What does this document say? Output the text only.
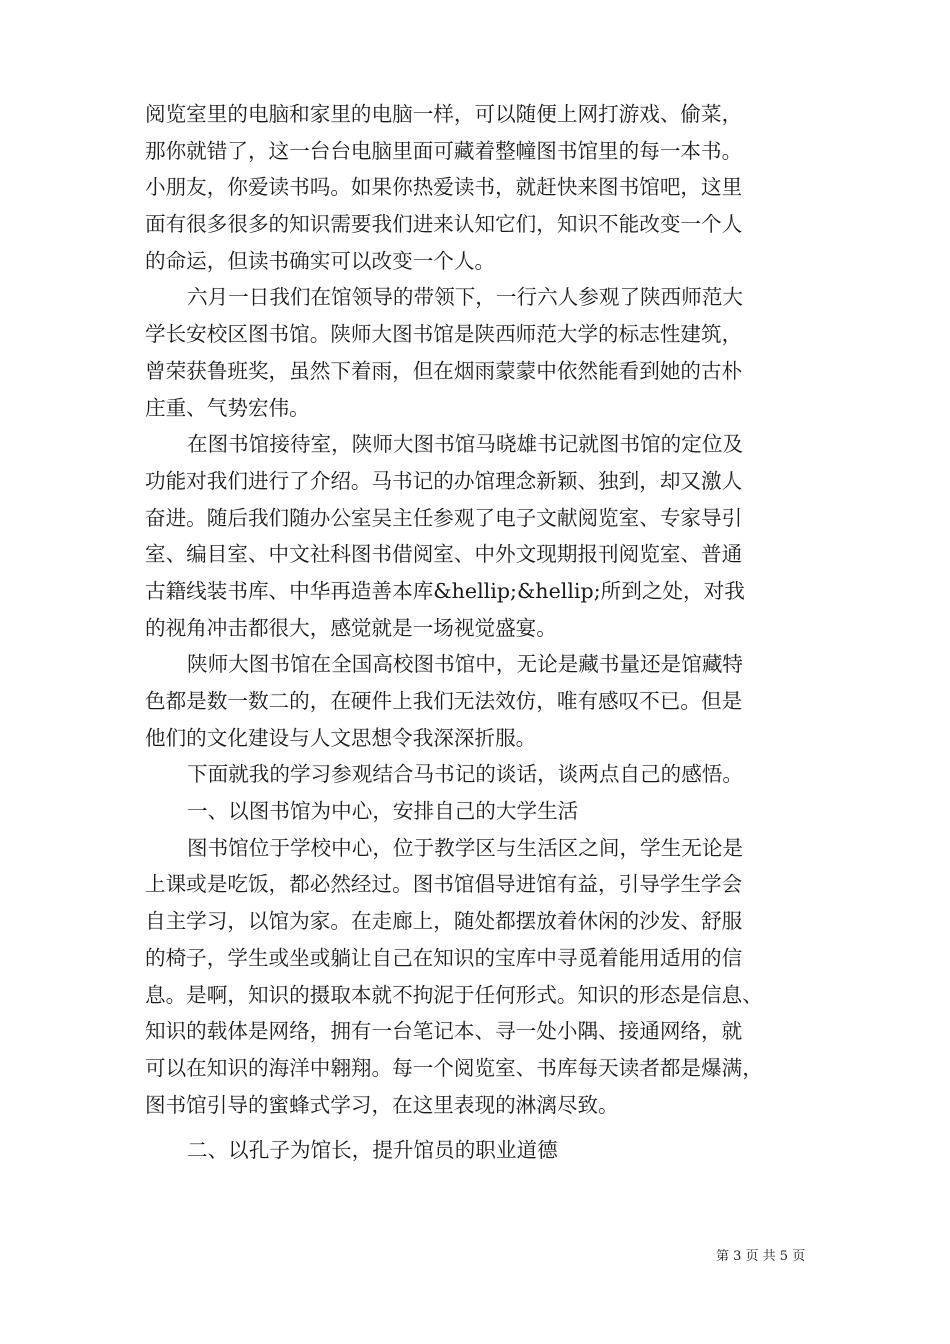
阅览室里的电脑和家里的电脑一样，可以随便上网打游戏、偷菜，
那你就错了，这一台台电脑里面可藏着整幢图书馆里的每一本书。
小朋友，你爱读书吗。如果你热爱读书，就赶快来图书馆吧，这里
面有很多很多的知识需要我们进来认知它们，知识不能改变一个人
的命运，但读书确实可以改变一个人。
六月一日我们在馆领导的带领下，一行六人参观了陕西师范大
学长安校区图书馆。陕师大图书馆是陕西师范大学的标志性建筑，
曾荣获鲁班奖，虽然下着雨，但在烟雨蒙蒙中依然能看到她的古朴
庄重、气势宏伟。
在图书馆接待室，陕师大图书馆马晓雄书记就图书馆的定位及
功能对我们进行了介绍。马书记的办馆理念新颖、独到，却又激人
奋进。随后我们随办公室吴主任参观了电子文献阅览室、专家导引
室、编目室、中文社科图书借阅室、中外文现期报刊阅览室、普通
古籍线装书库、中华再造善本库&hellip;&hellip;所到之处，对我
的视角冲击都很大，感觉就是一场视觉盛宴。
陕师大图书馆在全国高校图书馆中，无论是藏书量还是馆藏特
色都是数一数二的，在硬件上我们无法效仿，唯有感叹不已。但是
他们的文化建设与人文思想令我深深折服。
下面就我的学习参观结合马书记的谈话，谈两点自己的感悟。
一、以图书馆为中心，安排自己的大学生活
图书馆位于学校中心，位于教学区与生活区之间，学生无论是
上课或是吃饭，都必然经过。图书馆倡导进馆有益，引导学生学会
自主学习，以馆为家。在走廊上，随处都摆放着休闲的沙发、舒服
的椅子，学生或坐或躺让自己在知识的宝库中寻觅着能用适用的信
息。是啊，知识的摄取本就不拘泥于任何形式。知识的形态是信息、
知识的载体是网络，拥有一台笔记本、寻一处小隅、接通网络，就
可以在知识的海洋中翱翔。每一个阅览室、书库每天读者都是爆满，
图书馆引导的蜜蜂式学习，在这里表现的淋漓尽致。
二、以孔子为馆长，提升馆员的职业道德
第 3 页 共 5 页
